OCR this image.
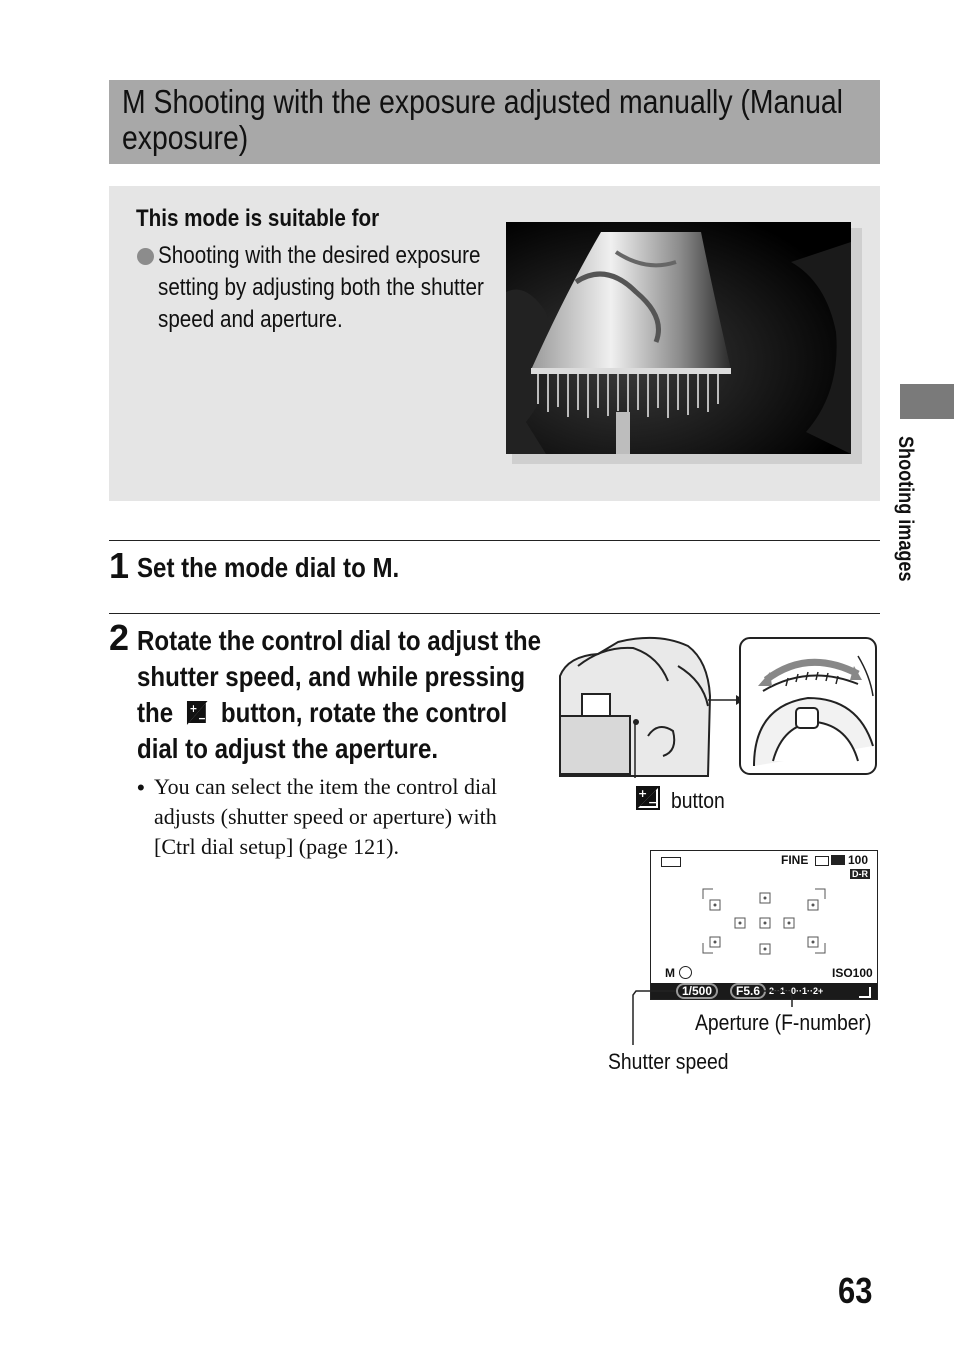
M Shooting with the exposure adjusted manually (Manual exposure)
This mode is suitable for
Shooting with the desired exposure setting by adjusting both the shutter speed and aperture.
1 Set the mode dial to M.
2 Rotate the control dial to adjust the shutter speed, and while pressing the +
− button, rotate the control dial to adjust the aperture.
• You can select the item the control dial adjusts (shutter speed or aperture) with [Ctrl dial setup] (page 121).
+
− button
FINE	100
D-R
M	ISO100
1/500	F5.6 2··1··0··1··2+
Aperture (F-number)
Shutter speed
Shooting images
63
